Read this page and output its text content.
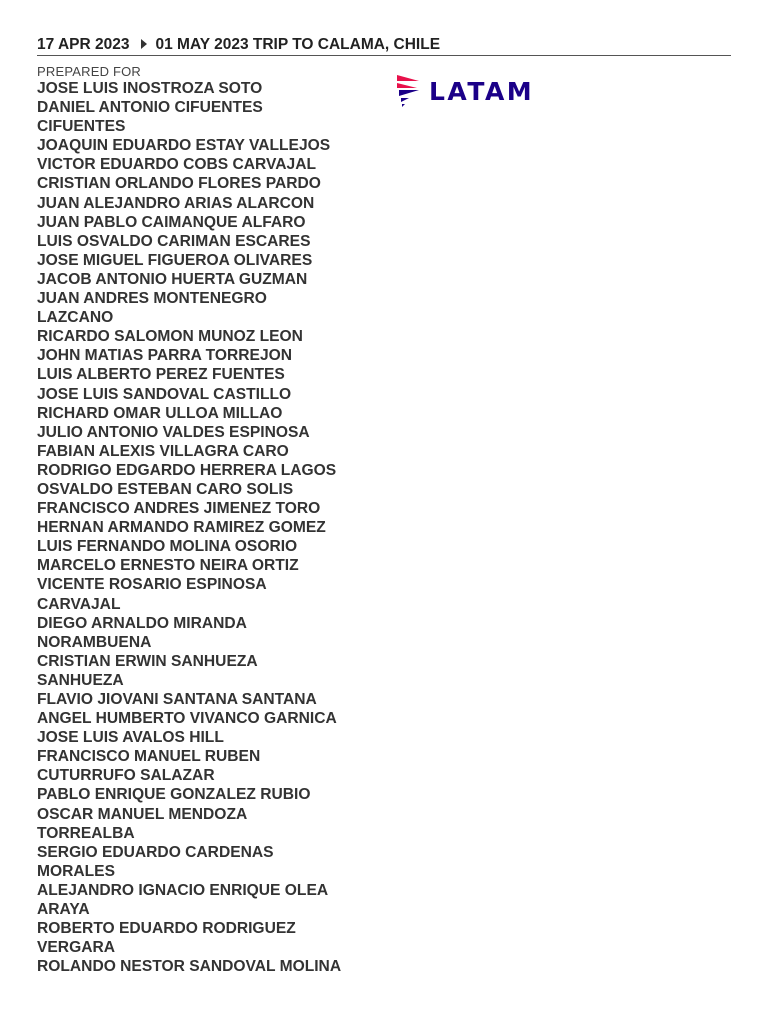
17 APR 2023 01 MAY 2023
TRIP TO CALAMA, CHILE
PREPARED FOR
JOSE LUIS INOSTROZA SOTO
DANIEL ANTONIO CIFUENTES
CIFUENTES
JOAQUIN EDUARDO ESTAY VALLEJOS
VICTOR EDUARDO COBS CARVAJAL
CRISTIAN ORLANDO FLORES PARDO
JUAN ALEJANDRO ARIAS ALARCON
JUAN PABLO CAIMANQUE ALFARO
LUIS OSVALDO CARIMAN ESCARES
JOSE MIGUEL FIGUEROA OLIVARES
JACOB ANTONIO HUERTA GUZMAN
JUAN ANDRES MONTENEGRO
LAZCANO
RICARDO SALOMON MUNOZ LEON
JOHN MATIAS PARRA TORREJON
LUIS ALBERTO PEREZ FUENTES
JOSE LUIS SANDOVAL CASTILLO
RICHARD OMAR ULLOA MILLAO
JULIO ANTONIO VALDES ESPINOSA
FABIAN ALEXIS VILLAGRA CARO
RODRIGO EDGARDO HERRERA LAGOS
OSVALDO ESTEBAN CARO SOLIS
FRANCISCO ANDRES JIMENEZ TORO
HERNAN ARMANDO RAMIREZ GOMEZ
LUIS FERNANDO MOLINA OSORIO
MARCELO ERNESTO NEIRA ORTIZ
VICENTE ROSARIO ESPINOSA
CARVAJAL
DIEGO ARNALDO MIRANDA
NORAMBUENA
CRISTIAN ERWIN SANHUEZA
SANHUEZA
FLAVIO JIOVANI SANTANA SANTANA
ANGEL HUMBERTO VIVANCO GARNICA
JOSE LUIS AVALOS HILL
FRANCISCO MANUEL RUBEN
CUTURRUFO SALAZAR
PABLO ENRIQUE GONZALEZ RUBIO
OSCAR MANUEL MENDOZA
TORREALBA
SERGIO EDUARDO CARDENAS
MORALES
ALEJANDRO IGNACIO ENRIQUE OLEA
ARAYA
ROBERTO EDUARDO RODRIGUEZ
VERGARA
ROLANDO NESTOR SANDOVAL MOLINA
LATAM
